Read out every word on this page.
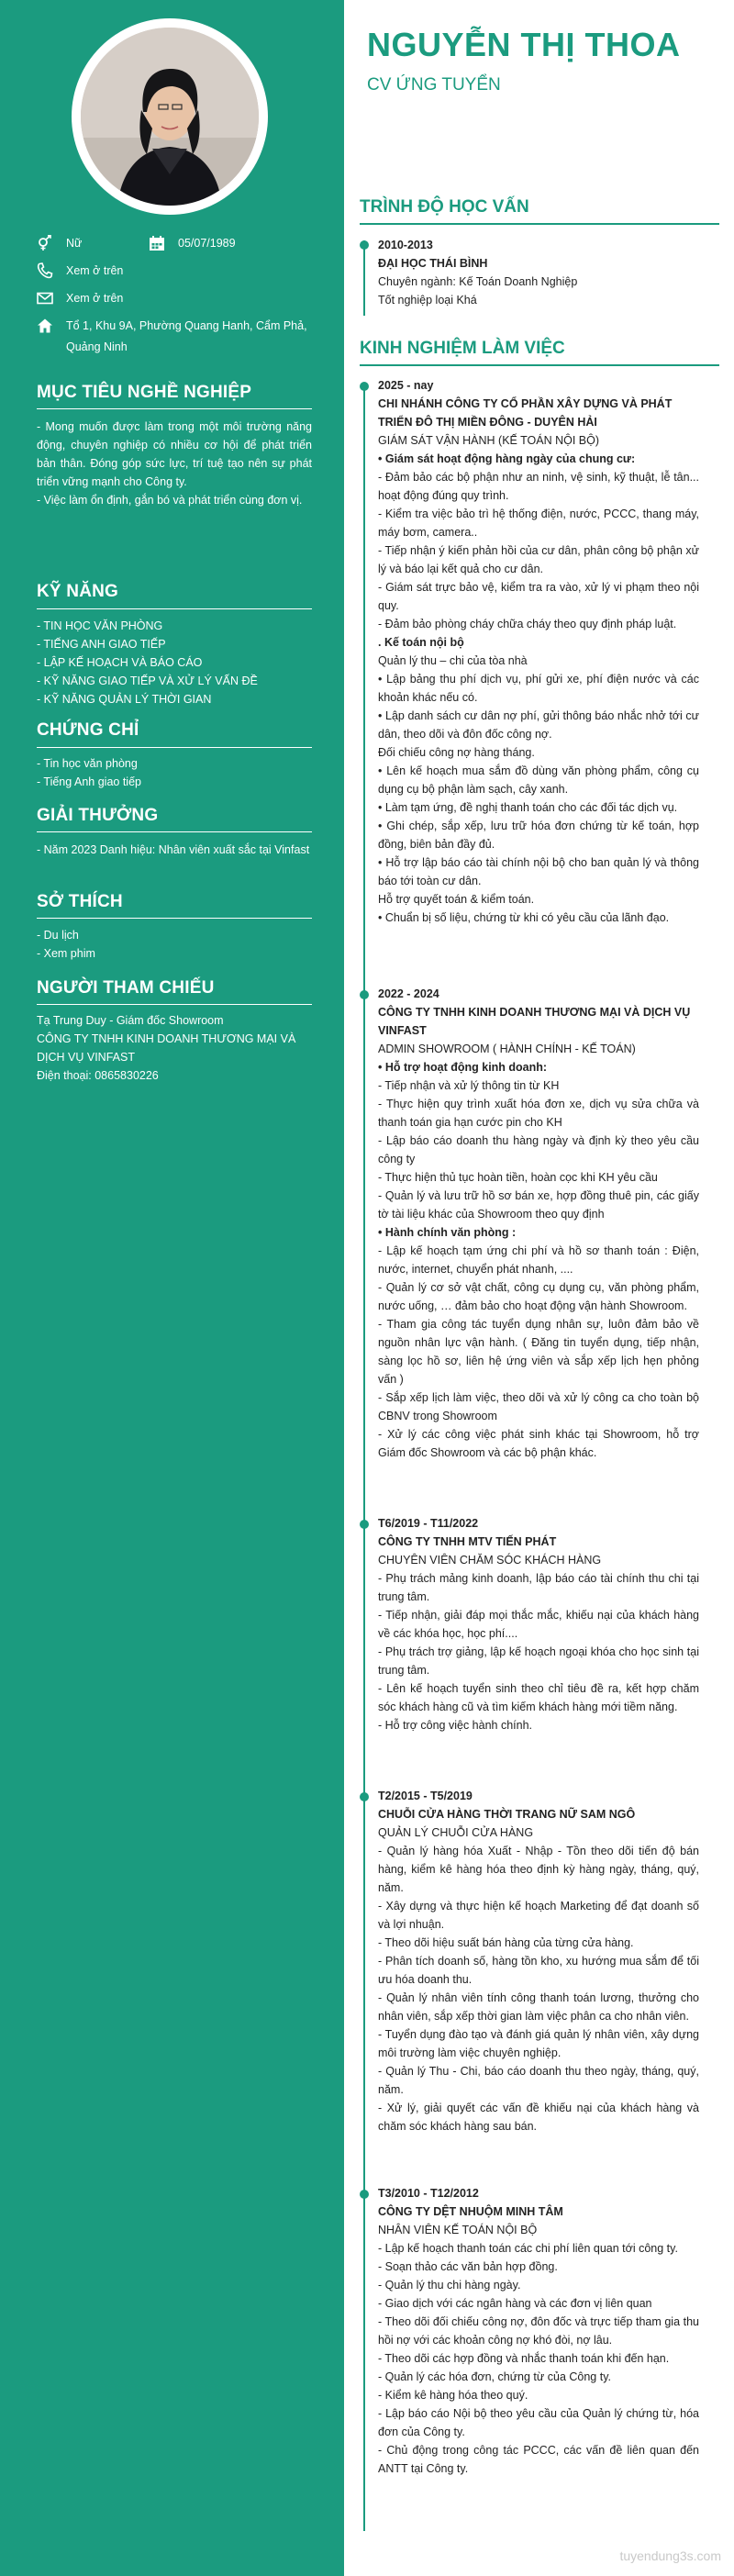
Nữ	05/07/1989
Xem ở trên
Xem ở trên
Tổ 1, Khu 9A, Phường Quang Hanh, Cẩm Phả, Quảng Ninh
MỤC TIÊU NGHỀ NGHIỆP
- Mong muốn được làm trong một môi trường năng động, chuyên nghiệp có nhiều cơ hội để phát triển bản thân. Đóng góp sức lực, trí tuệ tạo nên sự phát triển vững mạnh cho Công ty.
- Việc làm ổn định, gắn bó và phát triển cùng đơn vị.
KỸ NĂNG
- TIN HỌC VĂN PHÒNG
- TIẾNG ANH GIAO TIẾP
- LẬP KẾ HOẠCH VÀ BÁO CÁO
- KỸ NĂNG GIAO TIẾP VÀ XỬ LÝ VẤN ĐỀ
- KỸ NĂNG QUẢN LÝ THỜI GIAN
CHỨNG CHỈ
- Tin học văn phòng
- Tiếng Anh giao tiếp
GIẢI THƯỞNG
- Năm 2023 Danh hiệu: Nhân viên xuất sắc tại Vinfast
SỞ THÍCH
- Du lịch
- Xem phim
NGƯỜI THAM CHIẾU
Tạ Trung Duy - Giám đốc Showroom
CÔNG TY TNHH KINH DOANH THƯƠNG MẠI VÀ DỊCH VỤ VINFAST
Điện thoại: 0865830226
NGUYỄN THỊ THOA
CV ỨNG TUYỂN
TRÌNH ĐỘ HỌC VẤN
2010-2013
ĐẠI HỌC THÁI BÌNH
Chuyên ngành: Kế Toán Doanh Nghiệp
Tốt nghiệp loại Khá
KINH NGHIỆM LÀM VIỆC
2025 - nay
CHI NHÁNH CÔNG TY CỔ PHẦN XÂY DỰNG VÀ PHÁT TRIỂN ĐÔ THỊ MIỀN ĐÔNG - DUYÊN HẢI
GIÁM SÁT VẬN HÀNH (KẾ TOÁN NỘI BỘ)
• Giám sát hoạt động hàng ngày của chung cư:
- Đảm bảo các bộ phận như an ninh, vệ sinh, kỹ thuật, lễ tân... hoạt động đúng quy trình.
- Kiểm tra việc bảo trì hệ thống điện, nước, PCCC, thang máy, máy bơm, camera..
- Tiếp nhận ý kiến phản hồi của cư dân, phân công bộ phận xử lý và báo lại kết quả cho cư dân.
- Giám sát trực bảo vệ, kiểm tra ra vào, xử lý vi phạm theo nội quy.
- Đảm bảo phòng cháy chữa cháy theo quy định pháp luật.
. Kế toán nội bộ
Quản lý thu – chi của tòa nhà
• Lập bảng thu phí dịch vụ, phí gửi xe, phí điện nước và các khoản khác nếu có.
• Lập danh sách cư dân nợ phí, gửi thông báo nhắc nhở tới cư dân, theo dõi và đôn đốc công nợ.
Đối chiếu công nợ hàng tháng.
• Lên kế hoạch mua sắm đồ dùng văn phòng phẩm, công cụ dụng cụ bộ phận làm sạch, cây xanh.
• Làm tạm ứng, đề nghị thanh toán cho các đối tác dịch vụ.
• Ghi chép, sắp xếp, lưu trữ hóa đơn chứng từ kế toán, hợp đồng, biên bản đầy đủ.
• Hỗ trợ lập báo cáo tài chính nội bộ cho ban quản lý và thông báo tới toàn cư dân.
Hỗ trợ quyết toán & kiểm toán.
• Chuẩn bị số liệu, chứng từ khi có yêu cầu của lãnh đạo.
2022 - 2024
CÔNG TY TNHH KINH DOANH THƯƠNG MẠI VÀ DỊCH VỤ VINFAST
ADMIN SHOWROOM ( HÀNH CHÍNH - KẾ TOÁN)
• Hỗ trợ hoạt động kinh doanh:
- Tiếp nhận và xử lý thông tin từ KH
- Thực hiện quy trình xuất hóa đơn xe, dịch vụ sửa chữa và thanh toán gia hạn cước pin cho KH
- Lập báo cáo doanh thu hàng ngày và định kỳ theo yêu cầu công ty
- Thực hiện thủ tục hoàn tiền, hoàn cọc khi KH yêu cầu
- Quản lý và lưu trữ hồ sơ bán xe, hợp đồng thuê pin, các giấy tờ tài liệu khác của Showroom theo quy định
• Hành chính văn phòng :
- Lập kế hoạch tạm ứng chi phí và hồ sơ thanh toán : Điện, nước, internet, chuyển phát nhanh, ....
- Quản lý cơ sở vật chất, công cụ dụng cụ, văn phòng phẩm, nước uống, … đảm bảo cho hoạt động vận hành Showroom.
- Tham gia công tác tuyển dụng nhân sự, luôn đảm bảo về nguồn nhân lực vận hành. ( Đăng tin tuyển dụng, tiếp nhận, sàng lọc hồ sơ, liên hệ ứng viên và sắp xếp lịch hẹn phỏng vấn )
- Sắp xếp lịch làm việc, theo dõi và xử lý công ca cho toàn bộ CBNV trong Showroom
- Xử lý các công việc phát sinh khác tại Showroom, hỗ trợ Giám đốc Showroom và các bộ phận khác.
T6/2019 - T11/2022
CÔNG TY TNHH MTV TIẾN PHÁT
CHUYÊN VIÊN CHĂM SÓC KHÁCH HÀNG
- Phụ trách mảng kinh doanh, lập báo cáo tài chính thu chi tại trung tâm.
- Tiếp nhận, giải đáp mọi thắc mắc, khiếu nại của khách hàng về các khóa học, học phí....
- Phụ trách trợ giảng, lập kế hoạch ngoại khóa cho học sinh tại trung tâm.
- Lên kế hoạch tuyển sinh theo chỉ tiêu đề ra, kết hợp chăm sóc khách hàng cũ và tìm kiếm khách hàng mới tiềm năng.
- Hỗ trợ công việc hành chính.
T2/2015 - T5/2019
CHUỖI CỬA HÀNG THỜI TRANG NỮ SAM NGÔ
QUẢN LÝ CHUỖI CỬA HÀNG
- Quản lý hàng hóa Xuất - Nhập - Tồn theo dõi tiến độ bán hàng, kiểm kê hàng hóa theo định kỳ hàng ngày, tháng, quý, năm.
- Xây dựng và thực hiện kế hoạch Marketing để đạt doanh số và lợi nhuận.
- Theo dõi hiệu suất bán hàng của từng cửa hàng.
- Phân tích doanh số, hàng tồn kho, xu hướng mua sắm để tối ưu hóa doanh thu.
- Quản lý nhân viên tính công thanh toán lương, thưởng cho nhân viên, sắp xếp thời gian làm việc phân ca cho nhân viên.
- Tuyển dụng đào tạo và đánh giá quản lý nhân viên, xây dựng môi trường làm việc chuyên nghiệp.
- Quản lý Thu - Chi, báo cáo doanh thu theo ngày, tháng, quý, năm.
- Xử lý, giải quyết các vấn đề khiếu nại của khách hàng và chăm sóc khách hàng sau bán.
T3/2010 - T12/2012
CÔNG TY DỆT NHUỘM MINH TÂM
NHÂN VIÊN KẾ TOÁN NỘI BỘ
- Lập kế hoạch thanh toán các chi phí liên quan tới công ty.
- Soạn thảo các văn bản hợp đồng.
- Quản lý thu chi hàng ngày.
- Giao dịch với các ngân hàng và các đơn vị liên quan
- Theo dõi đối chiếu công nợ, đôn đốc và trực tiếp tham gia thu hồi nợ với các khoản công nợ khó đòi, nợ lâu.
- Theo dõi các hợp đồng và nhắc thanh toán khi đến hạn.
- Quản lý các hóa đơn, chứng từ của Công ty.
- Kiểm kê hàng hóa theo quý.
- Lập báo cáo Nội bộ theo yêu cầu của Quản lý chứng từ, hóa đơn của Công ty.
- Chủ động trong công tác PCCC, các vấn đề liên quan đến ANTT tại Công ty.
tuyendung3s.com
